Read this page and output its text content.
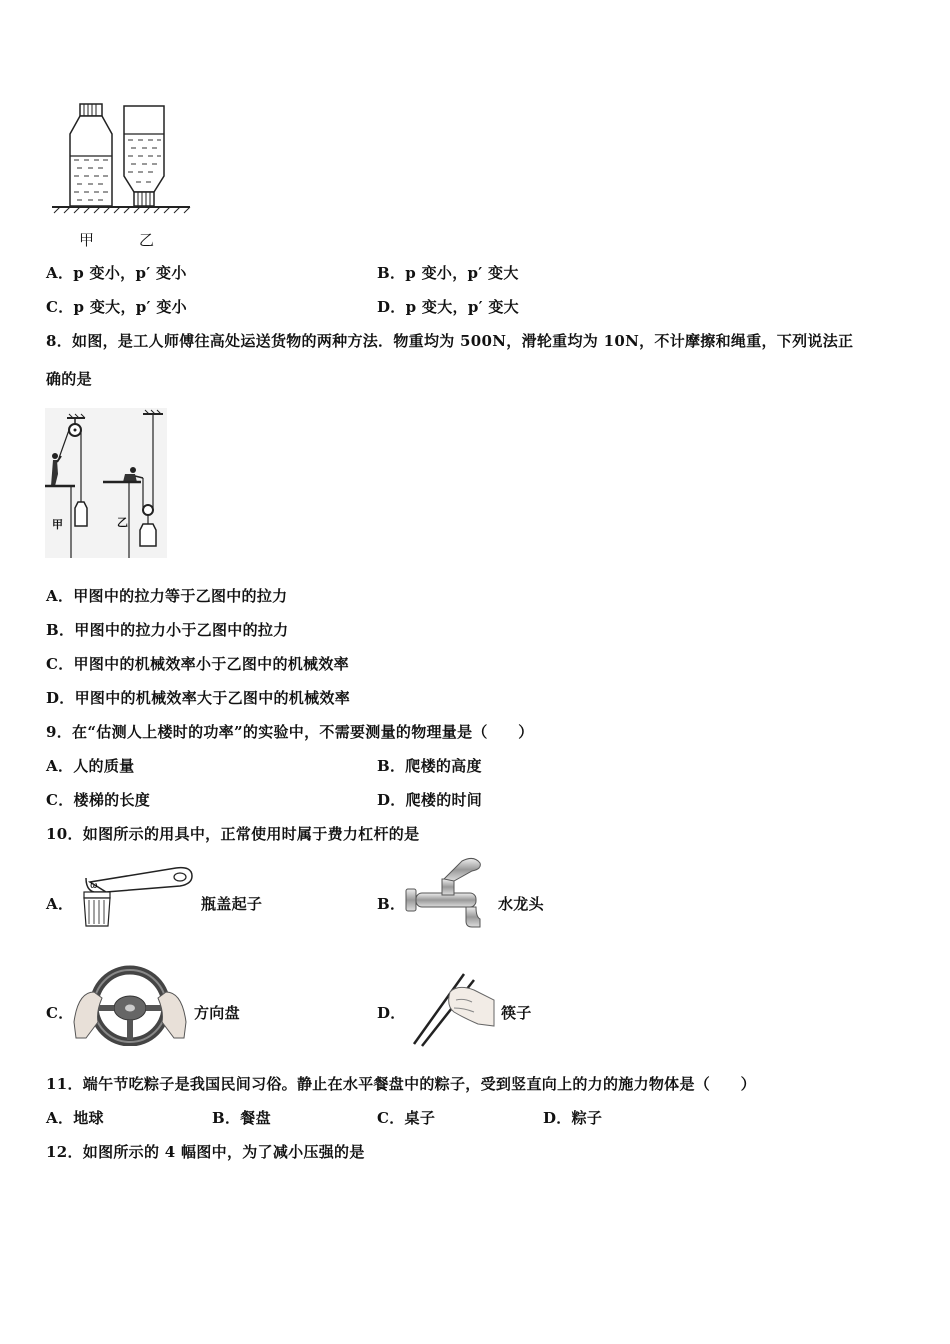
甲	乙
A．p 变小，p′ 变小	B．p 变小，p′ 变大
C．p 变大，p′ 变小	D．p 变大，p′ 变大
8．如图，是工人师傅往高处运送货物的两种方法．物重均为 500N，滑轮重均为 10N，不计摩擦和绳重，下列说法正
确的是
甲	乙
A．甲图中的拉力等于乙图中的拉力
B．甲图中的拉力小于乙图中的拉力
C．甲图中的机械效率小于乙图中的机械效率
D．甲图中的机械效率大于乙图中的机械效率
9．在“估测人上楼时的功率”的实验中，不需要测量的物理量是（　　）
A．人的质量	B．爬楼的高度
C．楼梯的长度	D．爬楼的时间
10．如图所示的用具中，正常使用时属于费力杠杆的是
A．
ω
瓶盖起子	B．	水龙头
C．	方向盘	D．	筷子
11．端午节吃粽子是我国民间习俗。静止在水平餐盘中的粽子，受到竖直向上的力的施力物体是（　　）
A．地球	B．餐盘	C．桌子	D．粽子
12．如图所示的 4 幅图中，为了减小压强的是
